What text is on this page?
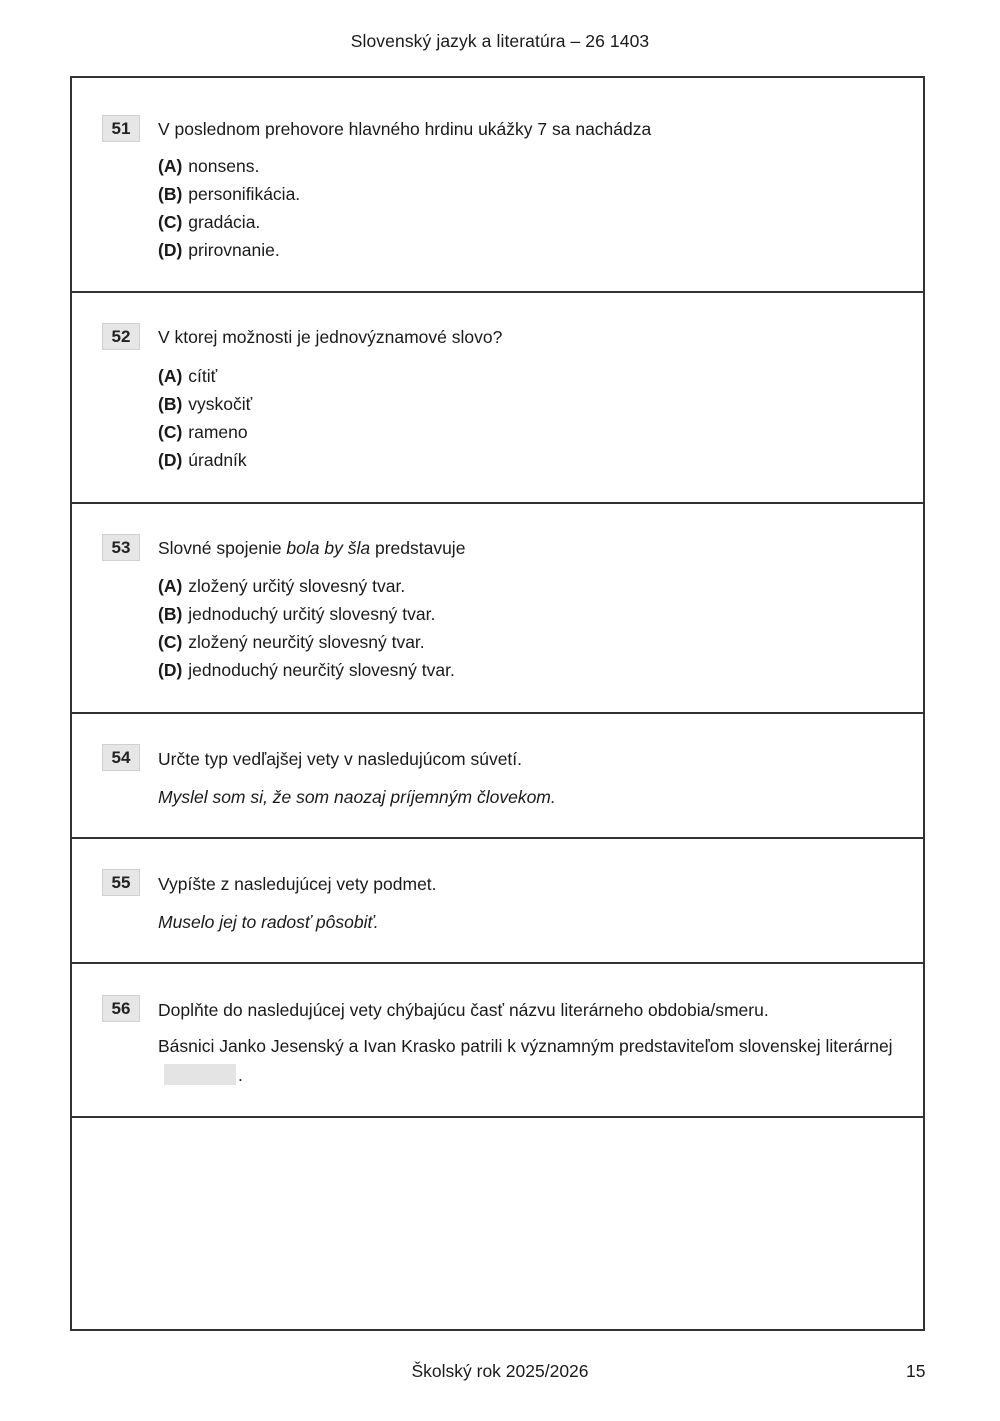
Slovenský jazyk a literatúra – 26 1403
51	V poslednom prehovore hlavného hrdinu ukážky 7 sa nachádza
(A) nonsens.
(B) personifikácia.
(C) gradácia.
(D) prirovnanie.
52	V ktorej možnosti je jednovýznamové slovo?
(A) cítiť
(B) vyskočiť
(C) rameno
(D) úradník
53	Slovné spojenie bola by šla predstavuje
(A) zložený určitý slovesný tvar.
(B) jednoduchý určitý slovesný tvar.
(C) zložený neurčitý slovesný tvar.
(D) jednoduchý neurčitý slovesný tvar.
54	Určte typ vedľajšej vety v nasledujúcom súvetí.
Myslel som si, že som naozaj príjemným človekom.
55	Vypíšte z nasledujúcej vety podmet.
Muselo jej to radosť pôsobiť.
56	Doplňte do nasledujúcej vety chýbajúcu časť názvu literárneho obdobia/smeru.
Básnici Janko Jesenský a Ivan Krasko patrili k významným predstaviteľom slovenskej literárnej.
Školský rok 2025/2026	15
